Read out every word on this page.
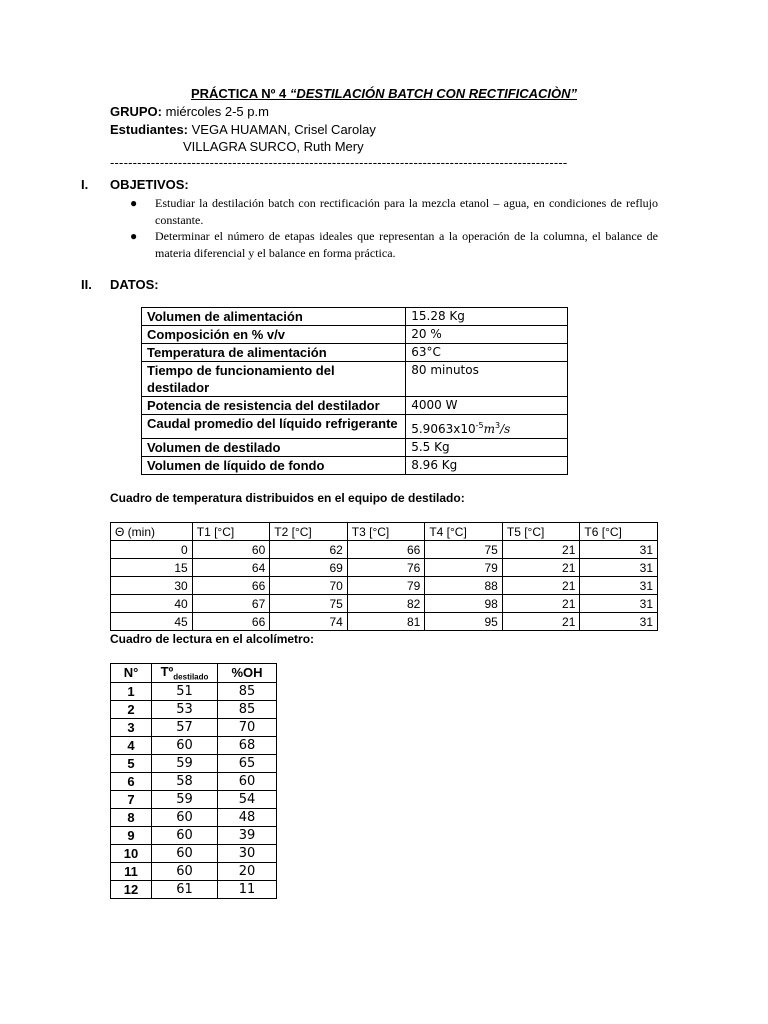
PRÁCTICA Nº 4 “DESTILACIÓN BATCH CON RECTIFICACIÒN”
GRUPO: miércoles 2-5 p.m
Estudiantes: VEGA HUAMAN, Crisel Carolay
VILLAGRA SURCO, Ruth Mery
-----------------------------------------------------------------------------------------------------
I. OBJETIVOS:
● Estudiar la destilación batch con rectificación para la mezcla etanol – agua, en condiciones de reflujo constante.
● Determinar el número de etapas ideales que representan a la operación de la columna, el balance de materia diferencial y el balance en forma práctica.
II. DATOS:
Volumen de alimentación	15.28 Kg
Composición en % v/v	20 %
Temperatura de alimentación	63°C
Tiempo de funcionamiento del destilador	80 minutos
Potencia de resistencia del destilador	4000 W
Caudal promedio del líquido refrigerante	$5.9063x10^{-5}m^3/s$
Volumen de destilado	5.5 Kg
Volumen de líquido de fondo	8.96 Kg
Cuadro de temperatura distribuidos en el equipo de destilado:
Θ (min)	T1 [°C]	T2 [°C]	T3 [°C]	T4 [°C]	T5 [°C]	T6 [°C]
0	60	62	66	75	21	31
15	64	69	76	79	21	31
30	66	70	79	88	21	31
40	67	75	82	98	21	31
45	66	74	81	95	21	31
Cuadro de lectura en el alcolímetro:
N°	Tº$_{destilado}$	%OH
1	51	85
2	53	85
3	57	70
4	60	68
5	59	65
6	58	60
7	59	54
8	60	48
9	60	39
10	60	30
11	60	20
12	61	11
